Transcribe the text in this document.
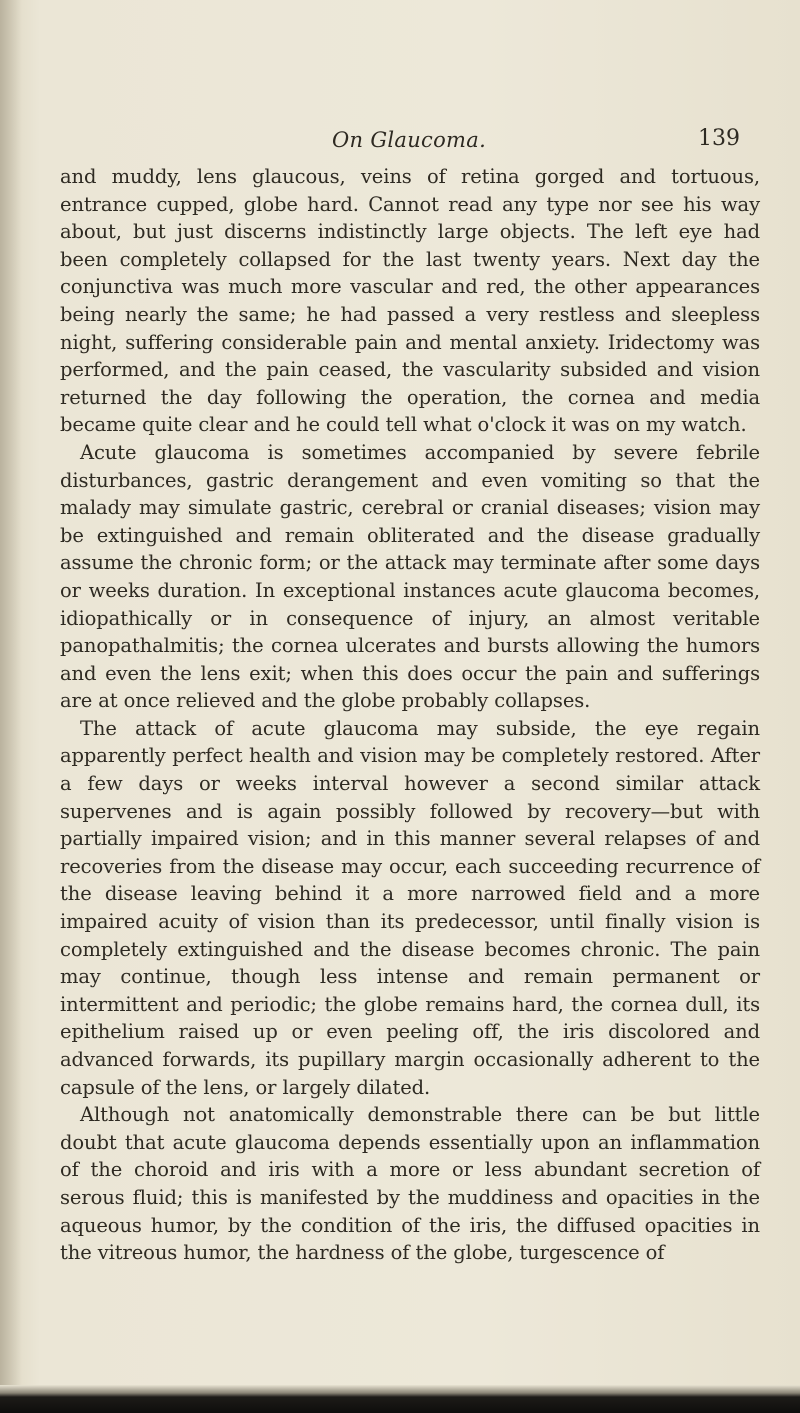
On Glaucoma.	139

and muddy, lens glaucous, veins of retina gorged and tortuous, entrance cupped, globe hard. Cannot read any type nor see his way about, but just discerns indistinctly large objects. The left eye had been completely collapsed for the last twenty years. Next day the conjunctiva was much more vascular and red, the other appearances being nearly the same; he had passed a very restless and sleepless night, suffering considerable pain and mental anxiety. Iridectomy was performed, and the pain ceased, the vascularity subsided and vision returned the day following the operation, the cornea and media became quite clear and he could tell what o'clock it was on my watch.

Acute glaucoma is sometimes accompanied by severe febrile disturbances, gastric derangement and even vomiting so that the malady may simulate gastric, cerebral or cranial diseases; vision may be extinguished and remain obliterated and the disease gradually assume the chronic form; or the attack may terminate after some days or weeks duration. In exceptional instances acute glaucoma becomes, idiopathically or in consequence of injury, an almost veritable panopathalmitis; the cornea ulcerates and bursts allowing the humors and even the lens exit; when this does occur the pain and sufferings are at once relieved and the globe probably collapses.

The attack of acute glaucoma may subside, the eye regain apparently perfect health and vision may be completely restored. After a few days or weeks interval however a second similar attack supervenes and is again possibly followed by recovery—but with partially impaired vision; and in this manner several relapses of and recoveries from the disease may occur, each succeeding recurrence of the disease leaving behind it a more narrowed field and a more impaired acuity of vision than its predecessor, until finally vision is completely extinguished and the disease becomes chronic. The pain may continue, though less intense and remain permanent or intermittent and periodic; the globe remains hard, the cornea dull, its epithelium raised up or even peeling off, the iris discolored and advanced forwards, its pupillary margin occasionally adherent to the capsule of the lens, or largely dilated.

Although not anatomically demonstrable there can be but little doubt that acute glaucoma depends essentially upon an inflammation of the choroid and iris with a more or less abundant secretion of serous fluid; this is manifested by the muddiness and opacities in the aqueous humor, by the condition of the iris, the diffused opacities in the vitreous humor, the hardness of the globe, turgescence of
